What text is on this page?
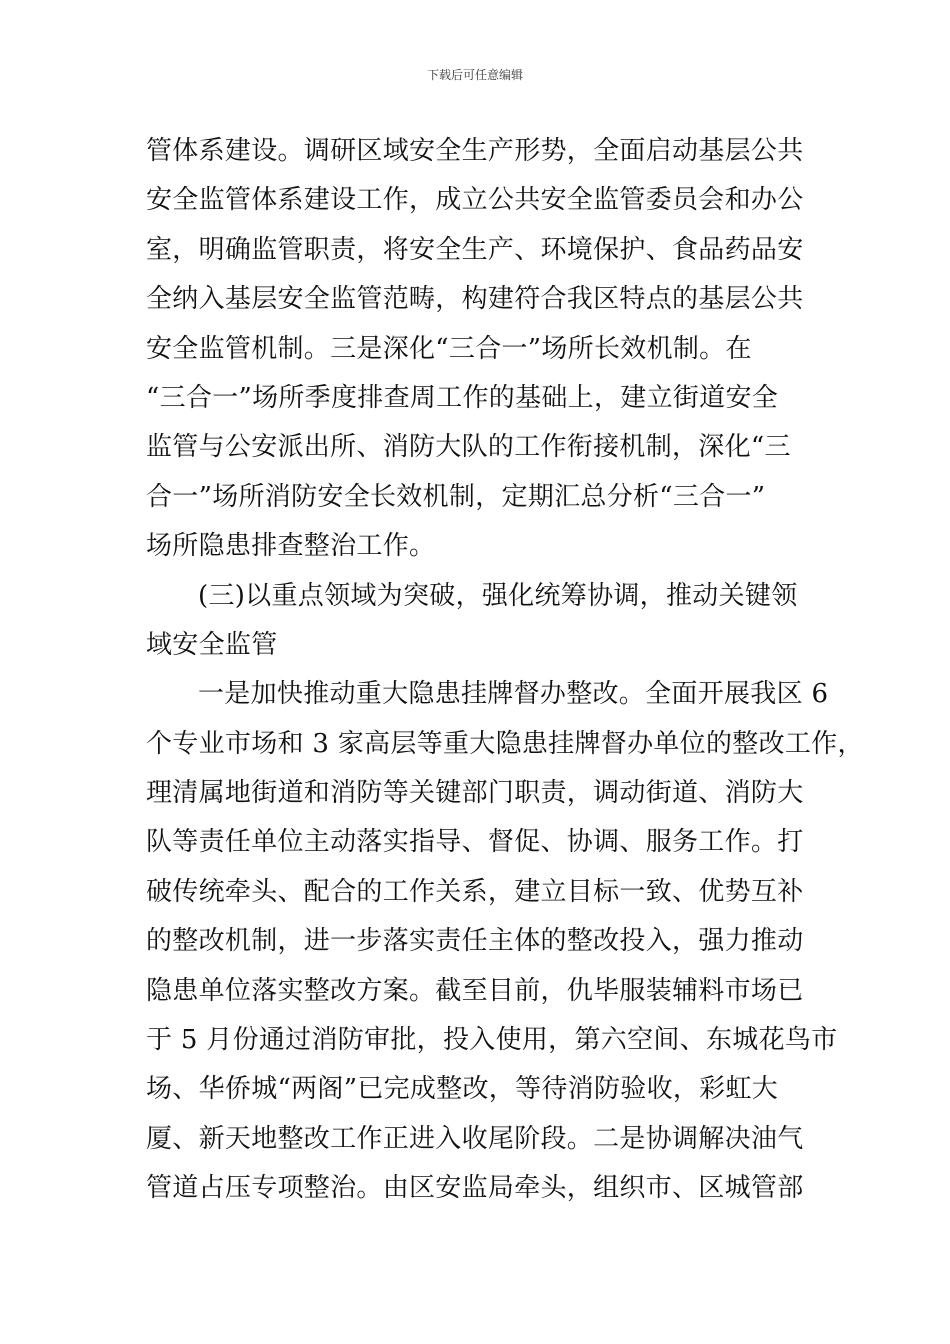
下载后可任意编辑
管体系建设。调研区域安全生产形势，全面启动基层公共
安全监管体系建设工作，成立公共安全监管委员会和办公
室，明确监管职责，将安全生产、环境保护、食品药品安
全纳入基层安全监管范畴，构建符合我区特点的基层公共
安全监管机制。三是深化“三合一”场所长效机制。在
“三合一”场所季度排查周工作的基础上，建立街道安全
监管与公安派出所、消防大队的工作衔接机制，深化“三
合一”场所消防安全长效机制，定期汇总分析“三合一”
场所隐患排查整治工作。
(三)以重点领域为突破，强化统筹协调，推动关键领
域安全监管
一是加快推动重大隐患挂牌督办整改。全面开展我区 6
个专业市场和 3 家高层等重大隐患挂牌督办单位的整改工作，
理清属地街道和消防等关键部门职责，调动街道、消防大
队等责任单位主动落实指导、督促、协调、服务工作。打
破传统牵头、配合的工作关系，建立目标一致、优势互补
的整改机制，进一步落实责任主体的整改投入，强力推动
隐患单位落实整改方案。截至目前，仇毕服装辅料市场已
于 5 月份通过消防审批，投入使用，第六空间、东城花鸟市
场、华侨城“两阁”已完成整改，等待消防验收，彩虹大
厦、新天地整改工作正进入收尾阶段。二是协调解决油气
管道占压专项整治。由区安监局牵头，组织市、区城管部
